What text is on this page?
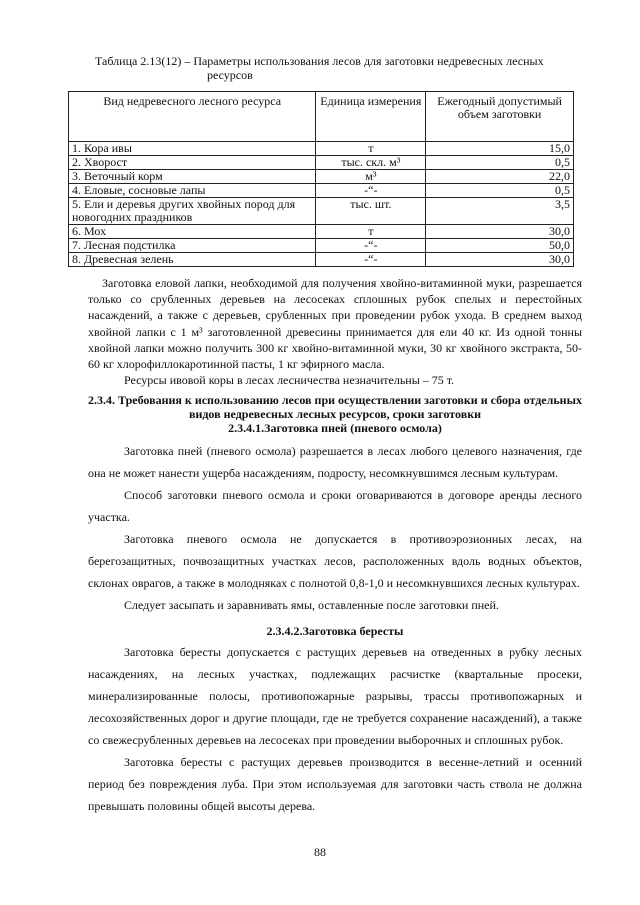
Таблица 2.13(12) – Параметры использования лесов для заготовки недревесных лесных
ресурсов
Вид недревесного лесного ресурса	Единица измерения	Ежегодный допустимый объем заготовки
1. Кора ивы	т	15,0
2. Хворост	тыс. скл. м³	0,5
3. Веточный корм	м³	22,0
4. Еловые, сосновые лапы	-“-	0,5
5. Ели и деревья других хвойных пород для новогодних праздников	тыс. шт.	3,5
6. Мох	т	30,0
7. Лесная подстилка	-“-	50,0
8. Древесная зелень	-“-	30,0
Заготовка еловой лапки, необходимой для получения хвойно-витаминной муки, разрешается только со срубленных деревьев на лесосеках сплошных рубок спелых и перестойных насаждений, а также с деревьев, срубленных при проведении рубок ухода. В среднем выход хвойной лапки с 1 м³ заготовленной древесины принимается для ели 40 кг. Из одной тонны хвойной лапки можно получить 300 кг хвойно-витаминной муки, 30 кг хвойного экстракта, 50-60 кг хлорофиллокаротинной пасты, 1 кг эфирного масла.
Ресурсы ивовой коры в лесах лесничества незначительны – 75 т.
2.3.4. Требования к использованию лесов при осуществлении заготовки и сбора отдельных видов недревесных лесных ресурсов, сроки заготовки
2.3.4.1.Заготовка пней (пневого осмола)

Заготовка пней (пневого осмола) разрешается в лесах любого целевого назначения, где она не может нанести ущерба насаждениям, подросту, несомкнувшимся лесным культурам.

Способ заготовки пневого осмола и сроки оговариваются в договоре аренды лесного участка.

Заготовка пневого осмола не допускается в противоэрозионных лесах, на берегозащитных, почвозащитных участках лесов, расположенных вдоль водных объектов, склонах оврагов, а также в молодняках с полнотой 0,8-1,0 и несомкнувшихся лесных культурах.

Следует засыпать и заравнивать ямы, оставленные после заготовки пней.

2.3.4.2.Заготовка бересты

Заготовка бересты допускается с растущих деревьев на отведенных в рубку лесных насаждениях, на лесных участках, подлежащих расчистке (квартальные просеки, минерализированные полосы, противопожарные разрывы, трассы противопожарных и лесохозяйственных дорог и другие площади, где не требуется сохранение насаждений), а также со свежесрубленных деревьев на лесосеках при проведении выборочных и сплошных рубок.

Заготовка бересты с растущих деревьев производится в весенне-летний и осенний период без повреждения луба. При этом используемая для заготовки часть ствола не должна превышать половины общей высоты дерева.

88
